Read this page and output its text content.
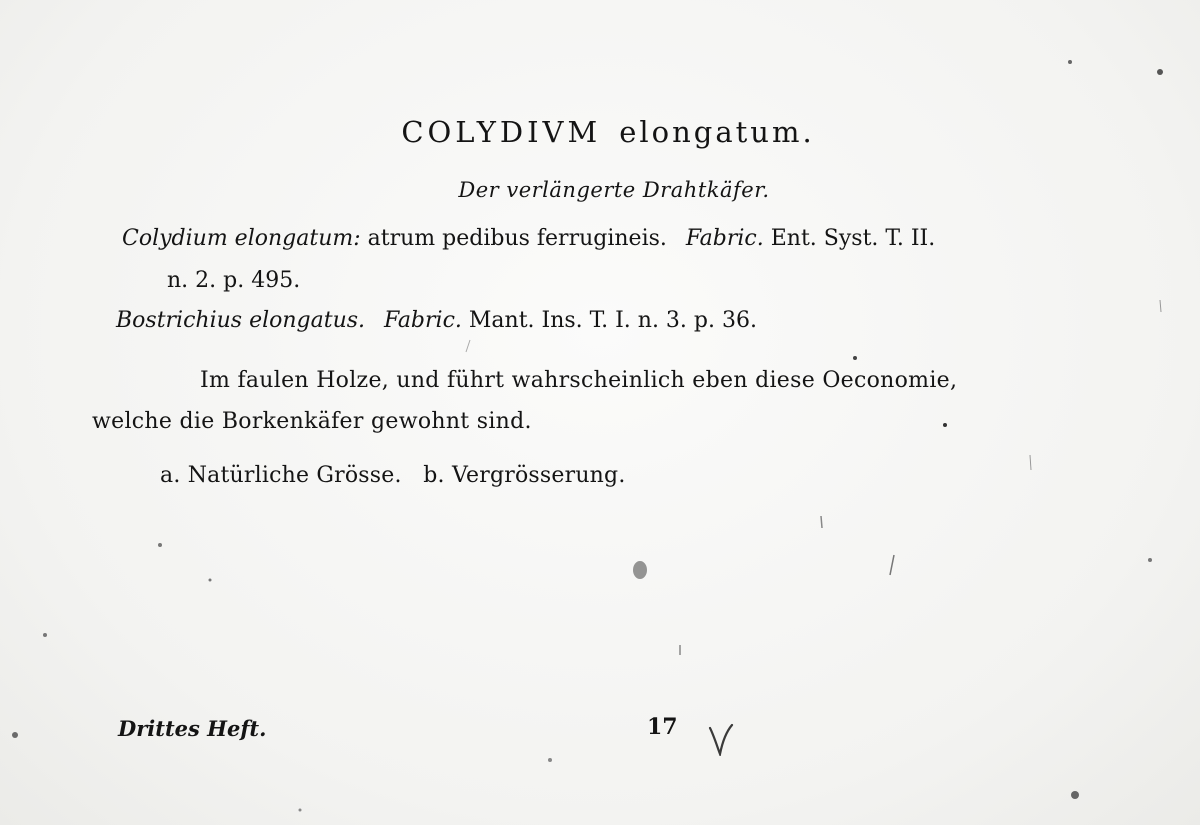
COLYDIVM elongatum.
Der verlängerte Drahtkäfer.
Colydium elongatum: atrum pedibus ferrugineis. Fabric. Ent. Syst. T. II.
n. 2. p. 495.
Bostrichius elongatus. Fabric. Mant. Ins. T. I. n. 3. p. 36.
Im faulen Holze, und führt wahrscheinlich eben diese Oeconomie,
welche die Borkenkäfer gewohnt sind.
a. Natürliche Grösse.   b. Vergrösserung.
Drittes Heft.	17
